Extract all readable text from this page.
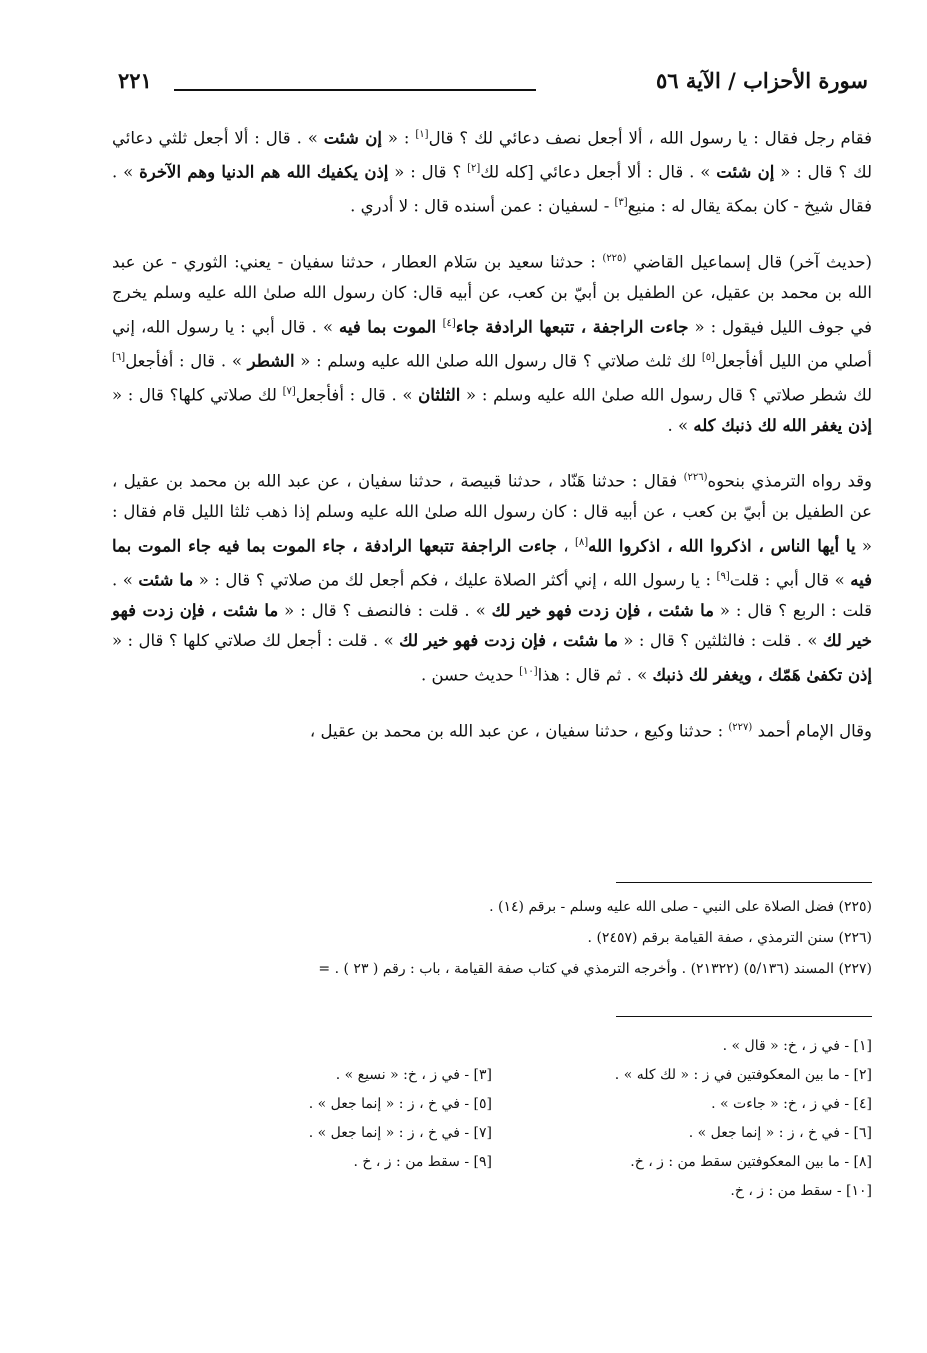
سورة الأحزاب / الآية ٥٦
٢٢١

فقام رجل فقال : يا رسول الله ، ألا أجعل نصف دعائي لك ؟ قال[١] : « إن شئت » . قال : ألا أجعل ثلثي دعائي لك ؟ قال : « إن شئت » . قال : ألا أجعل دعائي [كله لك[٢] ؟ قال : « إذن يكفيك الله هم الدنيا وهم الآخرة » . فقال شيخ - كان بمكة يقال له : منيع[٣] - لسفيان : عمن أسنده قال : لا أدري .

(حديث آخر) قال إسماعيل القاضي $^{(٢٢٥)}$ : حدثنا سعيد بن سَلام العطار ، حدثنا سفيان - يعني: الثوري - عن عبد الله بن محمد بن عقيل، عن الطفيل بن أبيّ بن كعب، عن أبيه قال: كان رسول الله صلىٰ الله عليه وسلم يخرج في جوف الليل فيقول : « جاءت الراجفة ، تتبعها الرادفة جاء[٤] الموت بما فيه » . قال أبي : يا رسول الله، إني أصلي من الليل أفأجعل[٥] لك ثلث صلاتي ؟ قال رسول الله صلىٰ الله عليه وسلم : « الشطر » . قال : أفأجعل[٦] لك شطر صلاتي ؟ قال رسول الله صلىٰ الله عليه وسلم : « الثلثان » . قال : أفأجعل[٧] لك صلاتي كلها؟ قال : « إذن يغفر الله لك ذنبك كله » .

وقد رواه الترمذي بنحوه$^{(٢٢٦)}$ فقال : حدثنا هَنّاد ، حدثنا قبيصة ، حدثنا سفيان ، عن عبد الله بن محمد بن عقيل ، عن الطفيل بن أبيّ بن كعب ، عن أبيه قال : كان رسول الله صلىٰ الله عليه وسلم إذا ذهب ثلثا الليل قام فقال : « يا أيها الناس ، اذكروا الله ، اذكروا الله[٨] ، جاءت الراجفة تتبعها الرادفة ، جاء الموت بما فيه جاء الموت بما فيه » قال أبي : قلت[٩] : يا رسول الله ، إني أكثر الصلاة عليك ، فكم أجعل لك من صلاتي ؟ قال : « ما شئت » . قلت : الربع ؟ قال : « ما شئت ، فإن زدت فهو خير لك » . قلت : فالنصف ؟ قال : « ما شئت ، فإن زدت فهو خير لك » . قلت : فالثلثين ؟ قال : « ما شئت ، فإن زدت فهو خير لك » . قلت : أجعل لك صلاتي كلها ؟ قال : « إذن تكفىٰ هَمّك ، ويغفر لك ذنبك » . ثم قال : هذا[١٠] حديث حسن .

وقال الإمام أحمد $^{(٢٢٧)}$ : حدثنا وكيع ، حدثنا سفيان ، عن عبد الله بن محمد بن عقيل ،

(٢٢٥) فضل الصلاة على النبي - صلى الله عليه وسلم - برقم (١٤) .
(٢٢٦) سنن الترمذي ، صفة القيامة برقم (٢٤٥٧) .
(٢٢٧) المسند (٥/١٣٦) (٢١٣٢٢) . وأخرجه الترمذي في كتاب صفة القيامة ، باب : رقم ( ٢٣ ) . =
[١] - في ز ، خ: « قال » .
[٢] - ما بين المعكوفتين في ز : « لك كله » .
[٣] - في ز ، خ: « نسيع » .
[٤] - في ز ، خ: « جاءت » .
[٥] - في خ ، ز : « إنما جعل » .
[٦] - في خ ، ز : « إنما جعل » .
[٧] - في خ ، ز : « إنما جعل » .
[٨] - ما بين المعكوفتين سقط من : ز ، خ.
[٩] - سقط من : ز ، خ .
[١٠] - سقط من : ز ، خ.
